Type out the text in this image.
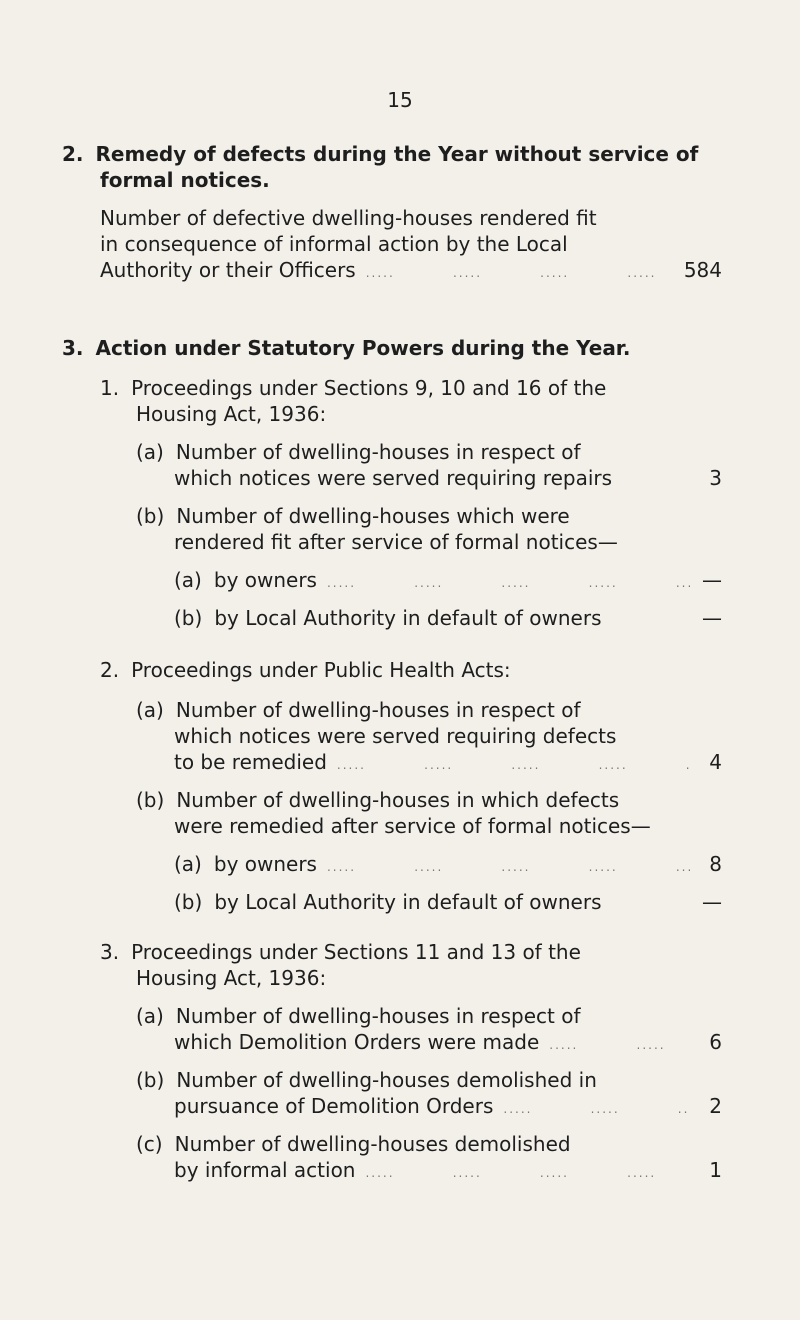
15
2. Remedy of defects during the Year without service of
formal notices.
Number of defective dwelling-houses rendered fit
in consequence of informal action by the Local
Authority or their Officers .....	584
3. Action under Statutory Powers during the Year.
1. Proceedings under Sections 9, 10 and 16 of the
Housing Act, 1936:
(a) Number of dwelling-houses in respect of
which notices were served requiring repairs	3
(b) Number of dwelling-houses which were
rendered fit after service of formal notices—
(a) by owners .....	—
(b) by Local Authority in default of owners	—
2. Proceedings under Public Health Acts:
(a) Number of dwelling-houses in respect of
which notices were served requiring defects
to be remedied .....	4
(b) Number of dwelling-houses in which defects
were remedied after service of formal notices—
(a) by owners .....	8
(b) by Local Authority in default of owners	—
3. Proceedings under Sections 11 and 13 of the
Housing Act, 1936:
(a) Number of dwelling-houses in respect of
which Demolition Orders were made .....	6
(b) Number of dwelling-houses demolished in
pursuance of Demolition Orders .....	2
(c) Number of dwelling-houses demolished
by informal action .....	1
